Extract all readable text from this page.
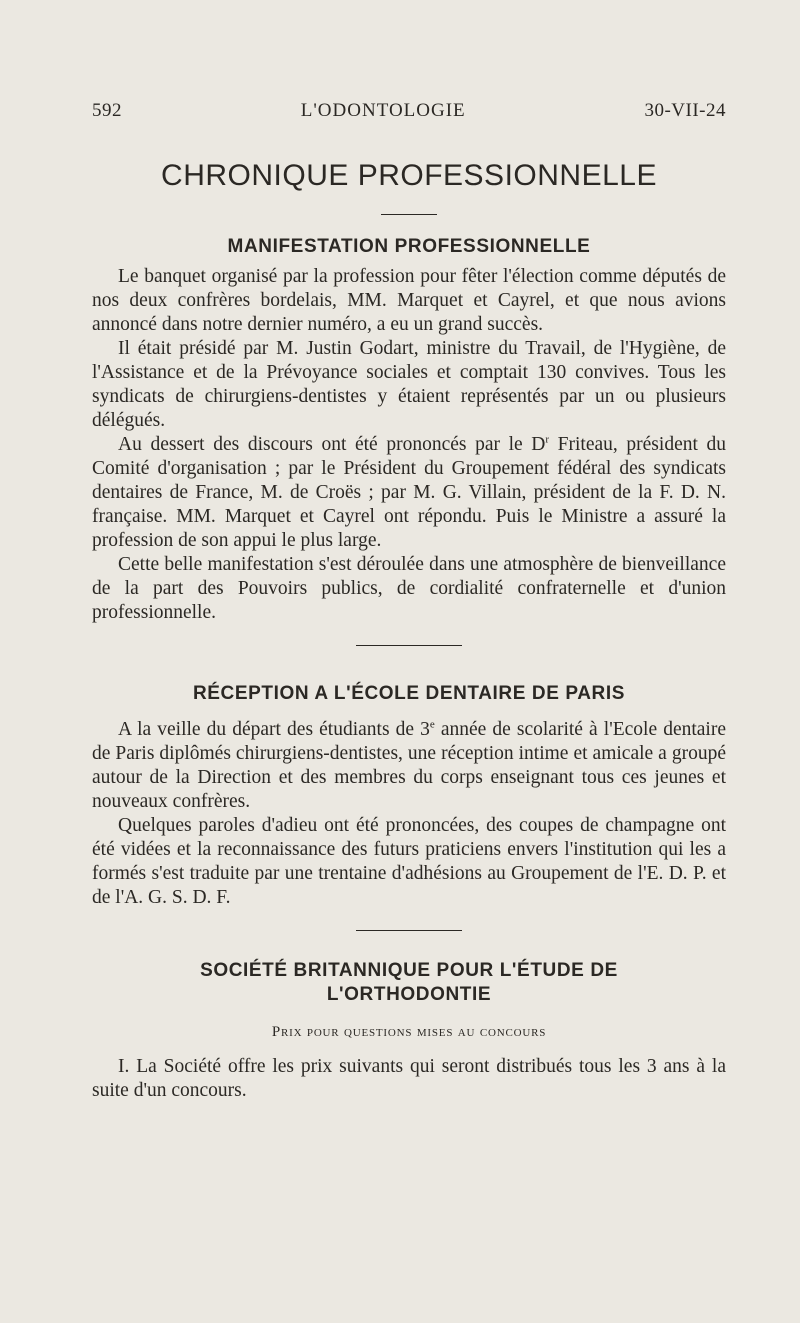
592	L'ODONTOLOGIE	30-VII-24
CHRONIQUE PROFESSIONNELLE
MANIFESTATION PROFESSIONNELLE

Le banquet organisé par la profession pour fêter l'élection comme députés de nos deux confrères bordelais, MM. Marquet et Cayrel, et que nous avions annoncé dans notre dernier numéro, a eu un grand succès.

Il était présidé par M. Justin Godart, ministre du Travail, de l'Hygiène, de l'Assistance et de la Prévoyance sociales et comptait 130 convives. Tous les syndicats de chirurgiens-dentistes y étaient représentés par un ou plusieurs délégués.

Au dessert des discours ont été prononcés par le $D^r$ Friteau, président du Comité d'organisation ; par le Président du Groupement fédéral des syndicats dentaires de France, M. de Croës ; par M. G. Villain, président de la F. D. N. française. MM. Marquet et Cayrel ont répondu. Puis le Ministre a assuré la profession de son appui le plus large.

Cette belle manifestation s'est déroulée dans une atmosphère de bienveillance de la part des Pouvoirs publics, de cordialité confraternelle et d'union professionnelle.

RÉCEPTION A L'ÉCOLE DENTAIRE DE PARIS

A la veille du départ des étudiants de 3e année de scolarité à l'Ecole dentaire de Paris diplômés chirurgiens-dentistes, une réception intime et amicale a groupé autour de la Direction et des membres du corps enseignant tous ces jeunes et nouveaux confrères.

Quelques paroles d'adieu ont été prononcées, des coupes de champagne ont été vidées et la reconnaissance des futurs praticiens envers l'institution qui les a formés s'est traduite par une trentaine d'adhésions au Groupement de l'E. D. P. et de l'A. G. S. D. F.

SOCIÉTÉ BRITANNIQUE POUR L'ÉTUDE DE
L'ORTHODONTIE
Prix pour questions mises au concours

I. La Société offre les prix suivants qui seront distribués tous les 3 ans à la suite d'un concours.
